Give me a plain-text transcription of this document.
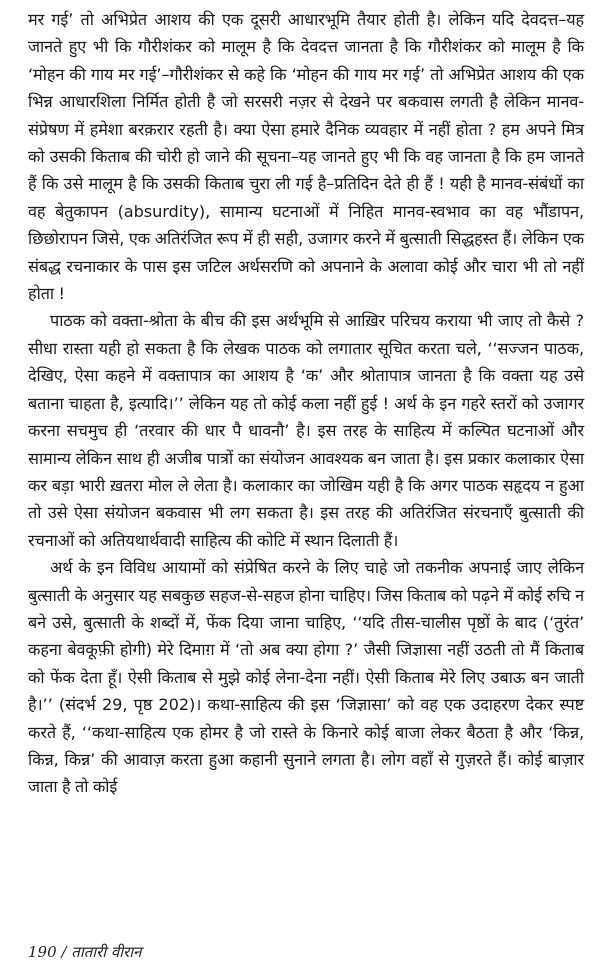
मर गई’ तो अभिप्रेत आशय की एक दूसरी आधारभूमि तैयार होती है। लेकिन यदि देवदत्त–यह जानते हुए भी कि गौरीशंकर को मालूम है कि देवदत्त जानता है कि गौरीशंकर को मालूम है कि ‘मोहन की गाय मर गई’–गौरीशंकर से कहे कि ‘मोहन की गाय मर गई’ तो अभिप्रेत आशय की एक भिन्न आधारशिला निर्मित होती है जो सरसरी नज़र से देखने पर बकवास लगती है लेकिन मानव-संप्रेषण में हमेशा बरक़रार रहती है। क्या ऐसा हमारे दैनिक व्यवहार में नहीं होता ? हम अपने मित्र को उसकी किताब की चोरी हो जाने की सूचना–यह जानते हुए भी कि वह जानता है कि हम जानते हैं कि उसे मालूम है कि उसकी किताब चुरा ली गई है–प्रतिदिन देते ही हैं ! यही है मानव-संबंधों का वह बेतुकापन (absurdity), सामान्य घटनाओं में निहित मानव-स्वभाव का वह भौंडापन, छिछोरापन जिसे, एक अतिरंजित रूप में ही सही, उजागर करने में बुत्साती सिद्धहस्त हैं। लेकिन एक संबद्ध रचनाकार के पास इस जटिल अर्थसरणि को अपनाने के अलावा कोई और चारा भी तो नहीं होता !

पाठक को वक्ता-श्रोता के बीच की इस अर्थभूमि से आख़िर परिचय कराया भी जाए तो कैसे ? सीधा रास्ता यही हो सकता है कि लेखक पाठक को लगातार सूचित करता चले, ‘‘सज्जन पाठक, देखिए, ऐसा कहने में वक्तापात्र का आशय है ‘क’ और श्रोतापात्र जानता है कि वक्ता यह उसे बताना चाहता है, इत्यादि।’’ लेकिन यह तो कोई कला नहीं हुई ! अर्थ के इन गहरे स्तरों को उजागर करना सचमुच ही ‘तरवार की धार पै धावनौ’ है। इस तरह के साहित्य में कल्पित घटनाओं और सामान्य लेकिन साथ ही अजीब पात्रों का संयोजन आवश्यक बन जाता है। इस प्रकार कलाकार ऐसा कर बड़ा भारी ख़तरा मोल ले लेता है। कलाकार का जोखिम यही है कि अगर पाठक सहृदय न हुआ तो उसे ऐसा संयोजन बकवास भी लग सकता है। इस तरह की अतिरंजित संरचनाएँ बुत्साती की रचनाओं को अतियथार्थवादी साहित्य की कोटि में स्थान दिलाती हैं।

अर्थ के इन विविध आयामों को संप्रेषित करने के लिए चाहे जो तकनीक अपनाई जाए लेकिन बुत्साती के अनुसार यह सबकुछ सहज-से-सहज होना चाहिए। जिस किताब को पढ़ने में कोई रुचि न बने उसे, बुत्साती के शब्दों में, फेंक दिया जाना चाहिए, ‘‘यदि तीस-चालीस पृष्ठों के बाद (‘तुरंत’ कहना बेवकूफ़ी होगी) मेरे दिमाग़ में ‘तो अब क्या होगा ?’ जैसी जिज्ञासा नहीं उठती तो मैं किताब को फेंक देता हूँ। ऐसी किताब से मुझे कोई लेना-देना नहीं। ऐसी किताब मेरे लिए उबाऊ बन जाती है।’’ (संदर्भ 29, पृष्ठ 202)। कथा-साहित्य की इस ‘जिज्ञासा’ को वह एक उदाहरण देकर स्पष्ट करते हैं, ‘‘कथा-साहित्य एक होमर है जो रास्ते के किनारे कोई बाजा लेकर बैठता है और ‘किन्न, किन्न, किन्न’ की आवाज़ करता हुआ कहानी सुनाने लगता है। लोग वहाँ से गुज़रते हैं। कोई बाज़ार जाता है तो कोई

190 / तातारी वीरान
